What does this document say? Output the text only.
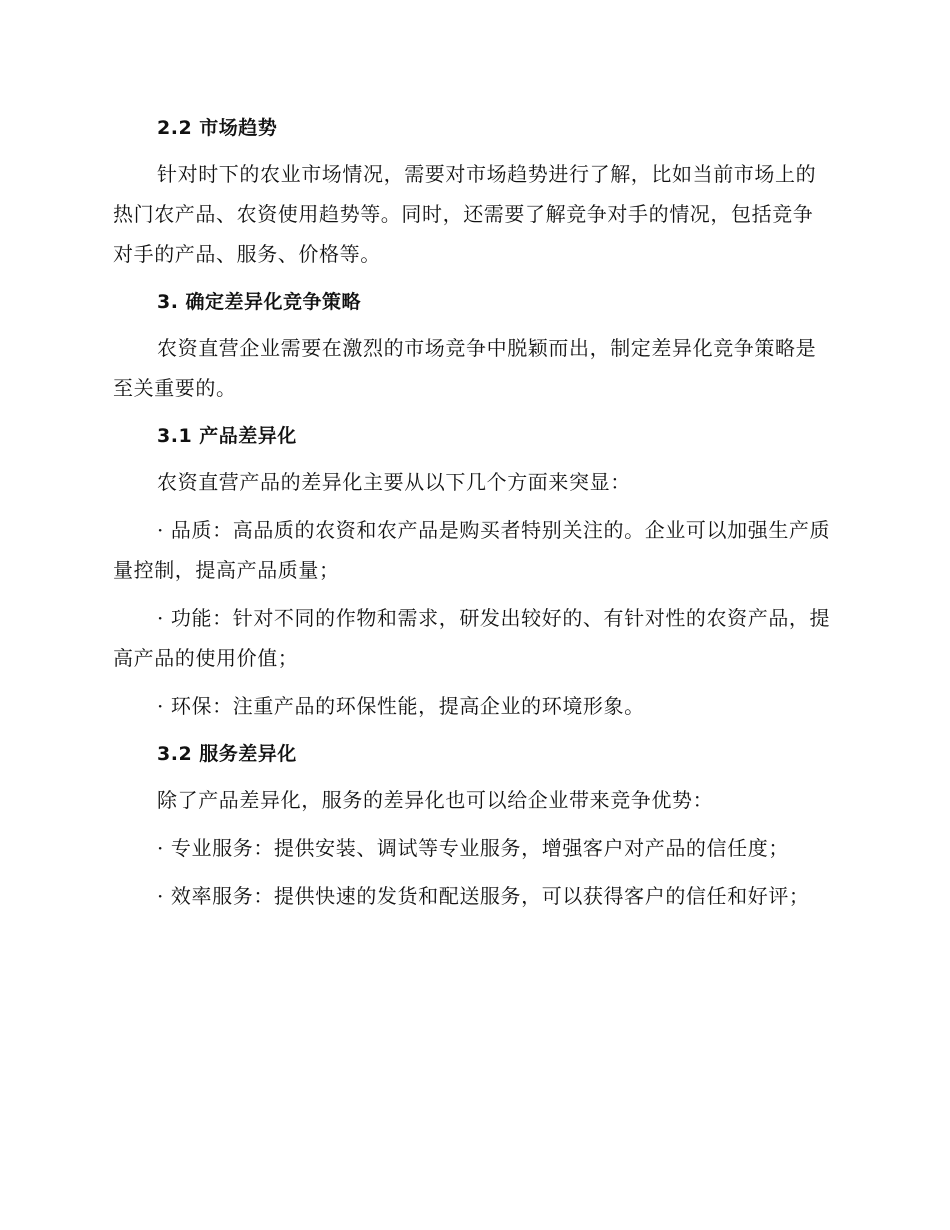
2.2 市场趋势
针对时下的农业市场情况，需要对市场趋势进行了解，比如当前市场上的热门农产品、农资使用趋势等。同时，还需要了解竞争对手的情况，包括竞争对手的产品、服务、价格等。
3. 确定差异化竞争策略
农资直营企业需要在激烈的市场竞争中脱颖而出，制定差异化竞争策略是至关重要的。
3.1 产品差异化
农资直营产品的差异化主要从以下几个方面来突显：
· 品质：高品质的农资和农产品是购买者特别关注的。企业可以加强生产质量控制，提高产品质量；
· 功能：针对不同的作物和需求，研发出较好的、有针对性的农资产品，提高产品的使用价值；
· 环保：注重产品的环保性能，提高企业的环境形象。
3.2 服务差异化
除了产品差异化，服务的差异化也可以给企业带来竞争优势：
· 专业服务：提供安装、调试等专业服务，增强客户对产品的信任度；
· 效率服务：提供快速的发货和配送服务，可以获得客户的信任和好评；
